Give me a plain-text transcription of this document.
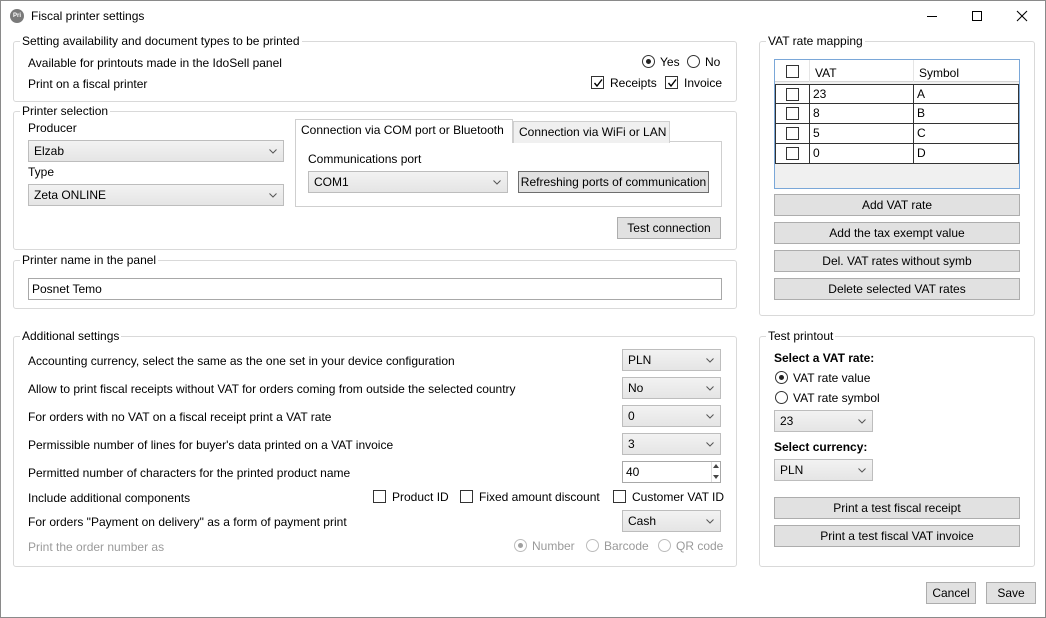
Pri Fiscal printer settings
Setting availability and document types to be printed
Available for printouts made in the IdoSell panel	Yes No
Print on a fiscal printer	Receipts Invoice
Printer selection
Producer
Elzab
Type
Zeta ONLINE
Connection via COM port or Bluetooth	Connection via WiFi or LAN
Communications port
COM1	Refreshing ports of communication
Test connection
Printer name in the panel
Posnet Temo
Additional settings
Accounting currency, select the same as the one set in your device configuration	PLN
Allow to print fiscal receipts without VAT for orders coming from outside the selected country	No
For orders with no VAT on a fiscal receipt print a VAT rate	0
Permissible number of lines for buyer's data printed on a VAT invoice	3
Permitted number of characters for the printed product name	40
Include additional components	Product ID	Fixed amount discount	Customer VAT ID
For orders "Payment on delivery" as a form of payment print	Cash
Print the order number as	Number Barcode QR code
VAT rate mapping
VAT	Symbol
23	A
8	B
5	C
0	D
Add VAT rate
Add the tax exempt value
Del. VAT rates without symb
Delete selected VAT rates
Test printout
Select a VAT rate:
VAT rate value
VAT rate symbol
23
Select currency:
PLN
Print a test fiscal receipt
Print a test fiscal VAT invoice
Cancel	Save
